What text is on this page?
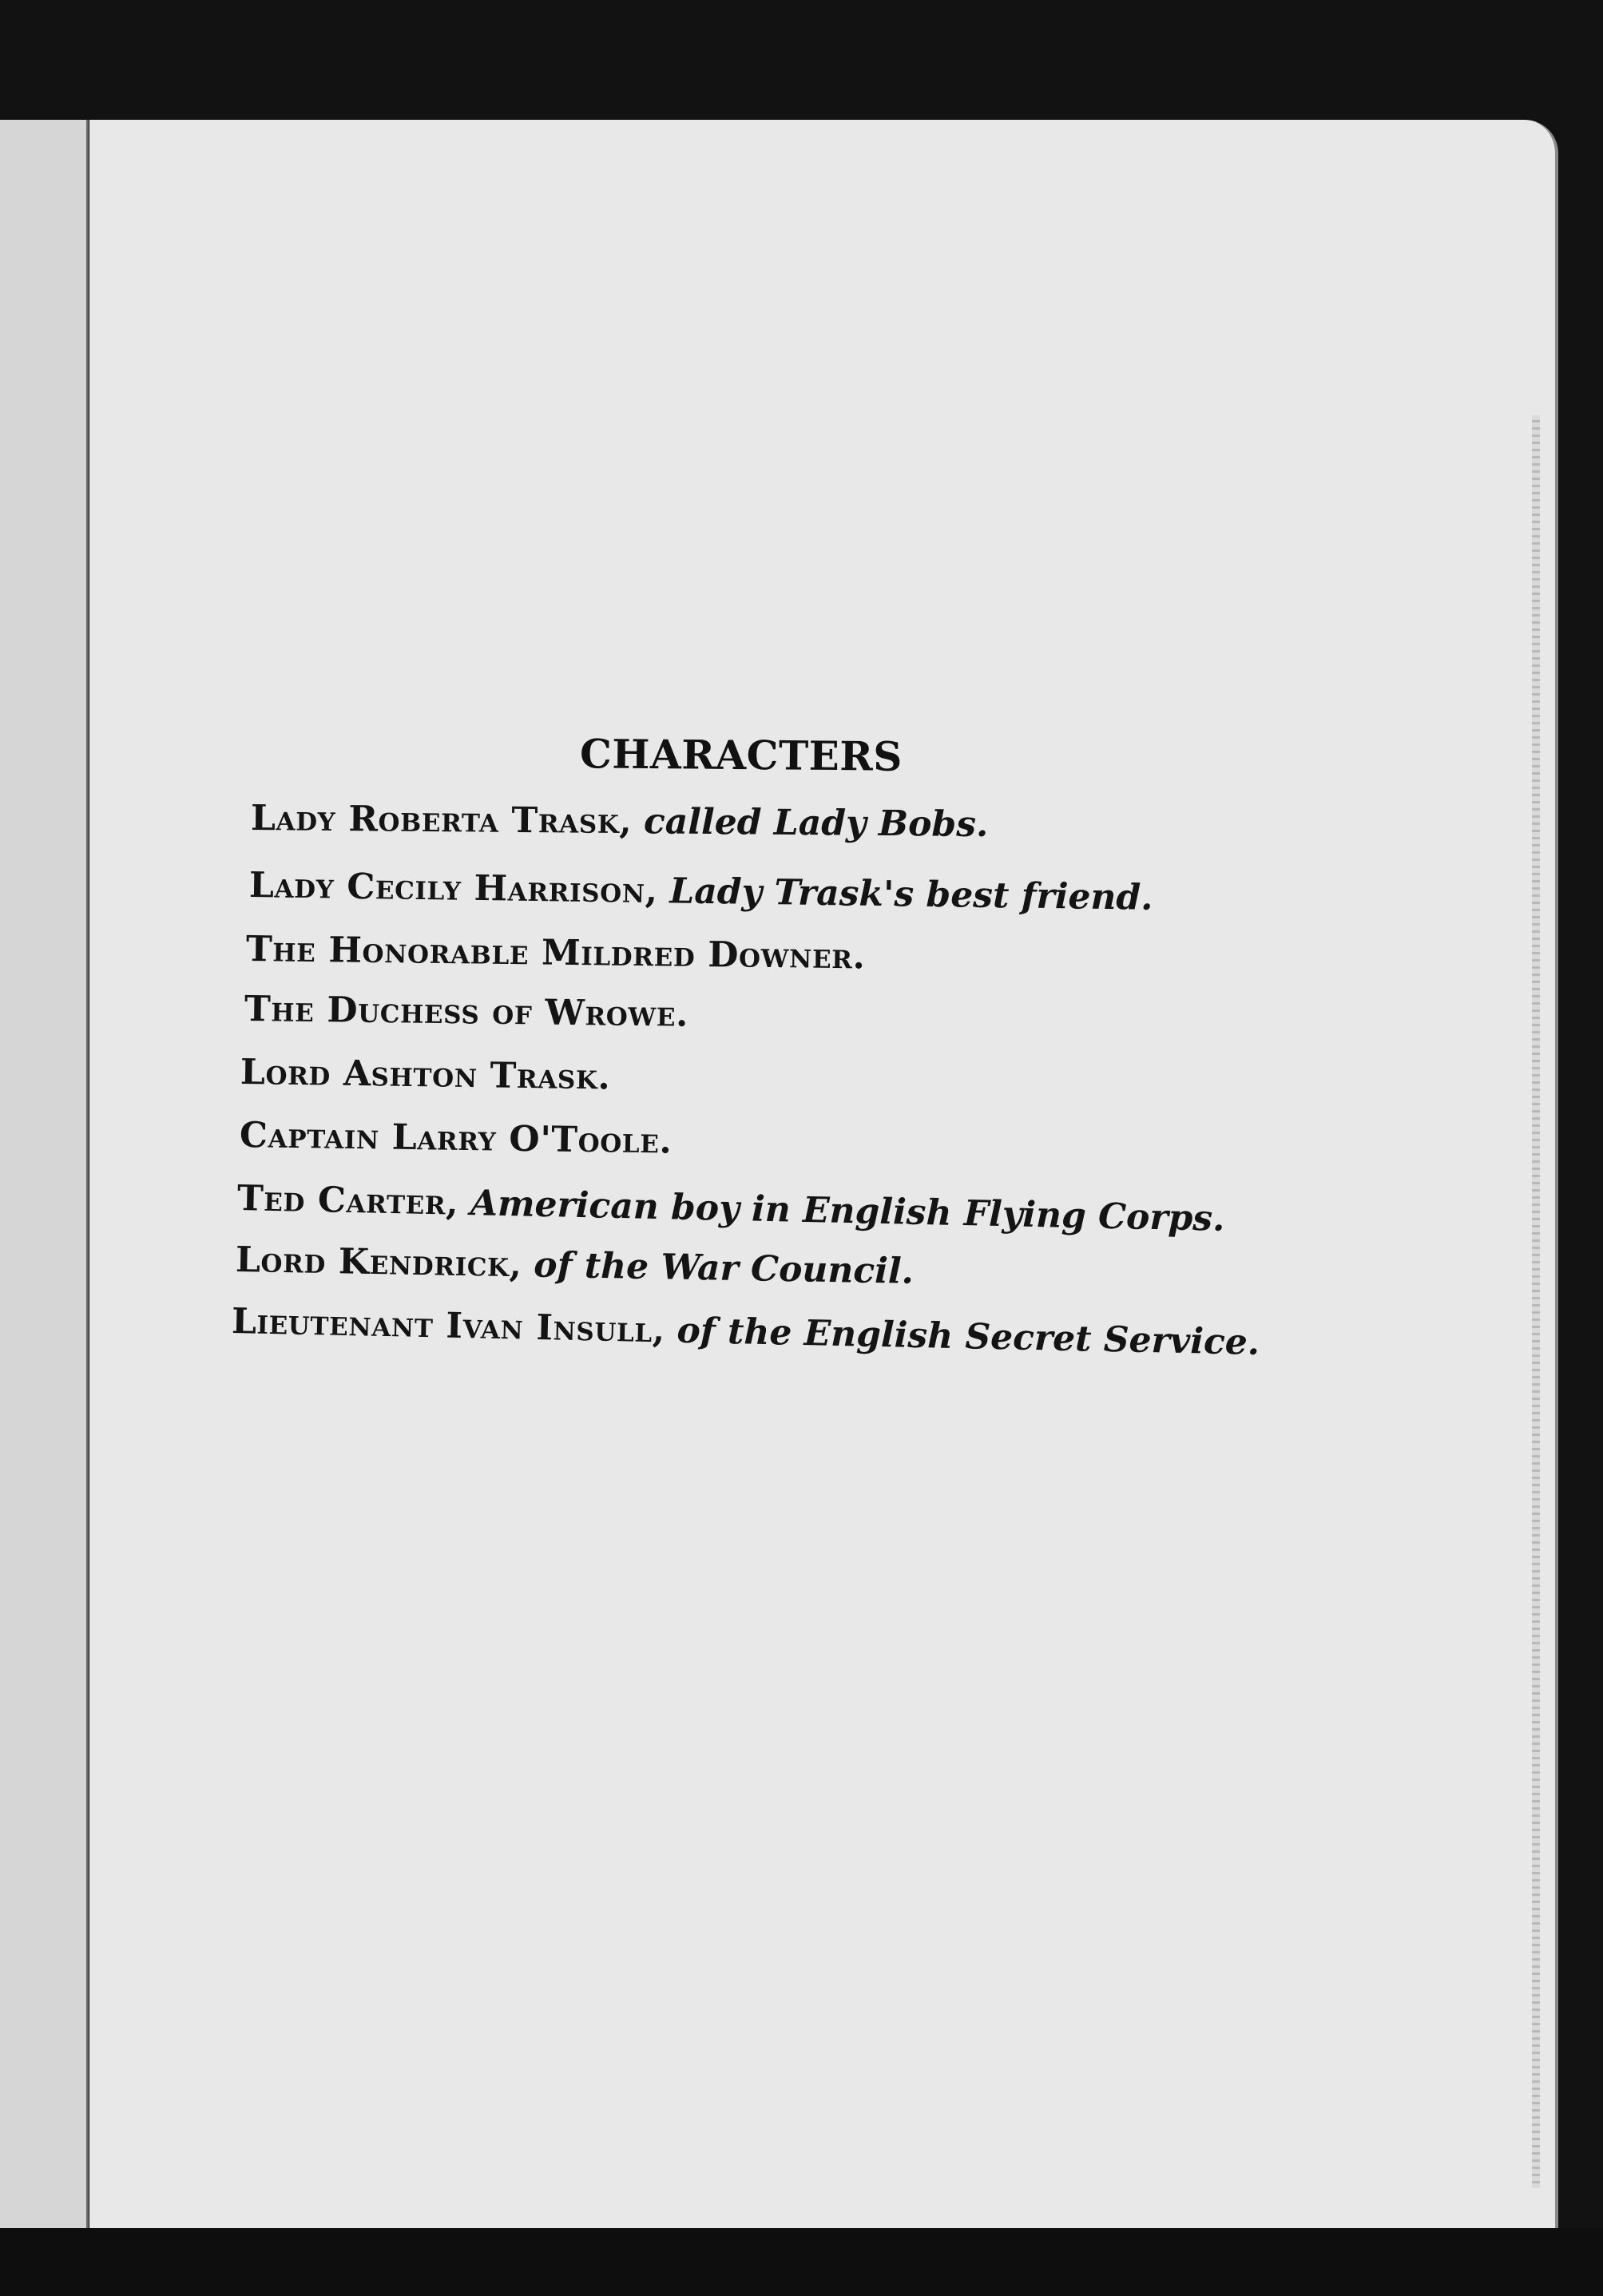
CHARACTERS
Lady Roberta Trask, called Lady Bobs.
Lady Cecily Harrison, Lady Trask's best friend.
The Honorable Mildred Downer.
The Duchess of Wrowe.
Lord Ashton Trask.
Captain Larry O'Toole.
Ted Carter, American boy in English Flying Corps.
Lord Kendrick, of the War Council.
Lieutenant Ivan Insull, of the English Secret Service.
